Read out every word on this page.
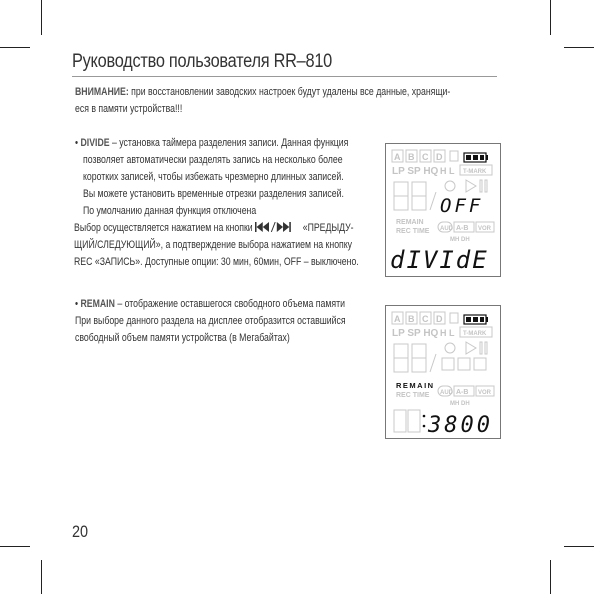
Руководство пользователя RR–810
ВНИМАНИЕ: при восстановлении заводских настроек будут удалены все данные, хранящи-
еся в памяти устройства!!!
• DIVIDE – установка таймера разделения записи. Данная функция
позволяет автоматически разделять запись на несколько более
коротких записей, чтобы избежать чрезмерно длинных записей.
Вы можете установить временные отрезки разделения записей.
По умолчанию данная функция отключена
Выбор осуществляется нажатием на кнопки	«ПРЕДЫДУ-
ЩИЙ/СЛЕДУЮЩИЙ», а подтверждение выбора нажатием на кнопку
REC «ЗАПИСЬ». Доступные опции: 30 мин, 60мин, OFF – выключено.
• REMAIN – отображение оставшегося свободного объема памяти
При выборе данного раздела на дисплее отобразится оставшийся
свободный объем памяти устройства (в Мегабайтах)
A B C D
LP SP HQ H L T-MARK
OFF
REMAIN
REC TIME AUD A-B VOR
MH DH
dIVIdE
A B C D
LP SP HQ H L T-MARK
REMAIN
REC TIME AUD A-B VOR
MH DH
3800
20
